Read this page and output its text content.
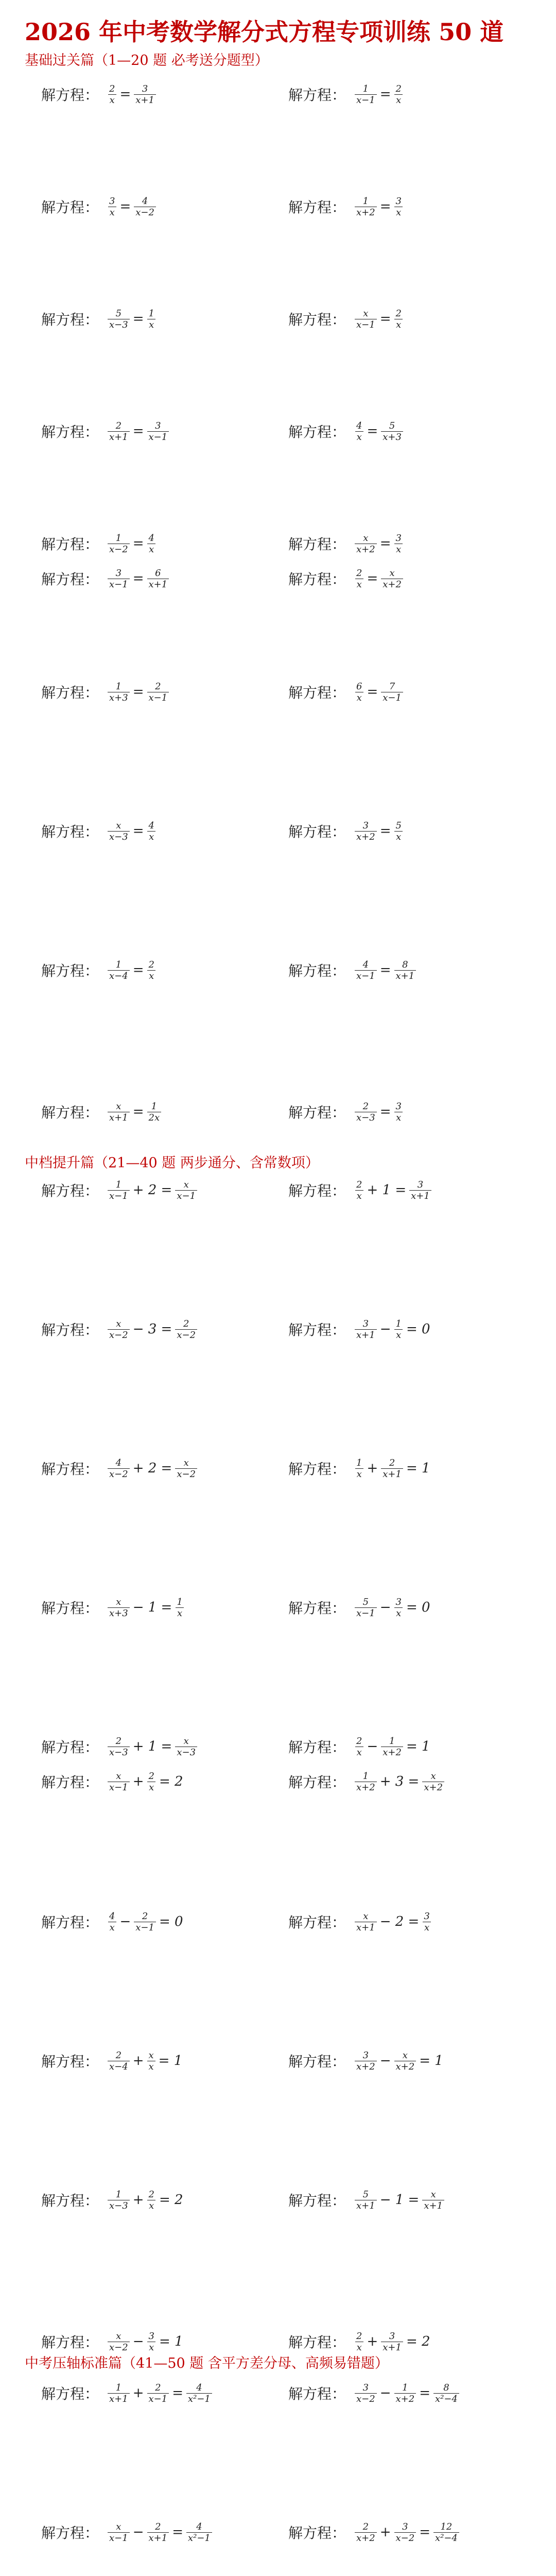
2026 年中考数学解分式方程专项训练 50 道
基础过关篇（1—20 题 必考送分题型）
解方程： $\frac{2}{x} = \frac{3}{x+1}$	解方程： $\frac{1}{x-1} = \frac{2}{x}$
解方程： $\frac{3}{x} = \frac{4}{x-2}$	解方程： $\frac{1}{x+2} = \frac{3}{x}$
解方程： $\frac{5}{x-3} = \frac{1}{x}$	解方程： $\frac{x}{x-1} = \frac{2}{x}$
解方程： $\frac{2}{x+1} = \frac{3}{x-1}$	解方程： $\frac{4}{x} = \frac{5}{x+3}$
解方程： $\frac{1}{x-2} = \frac{4}{x}$	解方程： $\frac{x}{x+2} = \frac{3}{x}$
解方程： $\frac{3}{x-1} = \frac{6}{x+1}$	解方程： $\frac{2}{x} = \frac{x}{x+2}$
解方程： $\frac{1}{x+3} = \frac{2}{x-1}$	解方程： $\frac{6}{x} = \frac{7}{x-1}$
解方程： $\frac{x}{x-3} = \frac{4}{x}$	解方程： $\frac{3}{x+2} = \frac{5}{x}$
解方程： $\frac{1}{x-4} = \frac{2}{x}$	解方程： $\frac{4}{x-1} = \frac{8}{x+1}$
解方程： $\frac{x}{x+1} = \frac{1}{2x}$	解方程： $\frac{2}{x-3} = \frac{3}{x}$
中档提升篇（21—40 题 两步通分、含常数项）
解方程： $\frac{1}{x-1} + 2 = \frac{x}{x-1}$	解方程： $\frac{2}{x} + 1 = \frac{3}{x+1}$
解方程： $\frac{x}{x-2} - 3 = \frac{2}{x-2}$	解方程： $\frac{3}{x+1} - \frac{1}{x} = 0$
解方程： $\frac{4}{x-2} + 2 = \frac{x}{x-2}$	解方程： $\frac{1}{x} + \frac{2}{x+1} = 1$
解方程： $\frac{x}{x+3} - 1 = \frac{1}{x}$	解方程： $\frac{5}{x-1} - \frac{3}{x} = 0$
解方程： $\frac{2}{x-3} + 1 = \frac{x}{x-3}$	解方程： $\frac{2}{x} - \frac{1}{x+2} = 1$
解方程： $\frac{x}{x-1} + \frac{2}{x} = 2$	解方程： $\frac{1}{x+2} + 3 = \frac{x}{x+2}$
解方程： $\frac{4}{x} - \frac{2}{x-1} = 0$	解方程： $\frac{x}{x+1} - 2 = \frac{3}{x}$
解方程： $\frac{2}{x-4} + \frac{x}{x} = 1$	解方程： $\frac{3}{x+2} - \frac{x}{x+2} = 1$
解方程： $\frac{1}{x-3} + \frac{2}{x} = 2$	解方程： $\frac{5}{x+1} - 1 = \frac{x}{x+1}$
解方程： $\frac{x}{x-2} - \frac{3}{x} = 1$	解方程： $\frac{2}{x} + \frac{3}{x+1} = 2$
中考压轴标准篇（41—50 题 含平方差分母、高频易错题）
解方程： $\frac{1}{x+1} + \frac{2}{x-1} = \frac{4}{\text{x²−1}}$	解方程： $\frac{3}{x-2} - \frac{1}{x+2} = \frac{8}{\text{x²−4}}$
解方程： $\frac{x}{x-1} - \frac{2}{x+1} = \frac{4}{\text{x²−1}}$	解方程： $\frac{2}{x+2} + \frac{3}{x-2} = \frac{12}{\text{x²−4}}$
